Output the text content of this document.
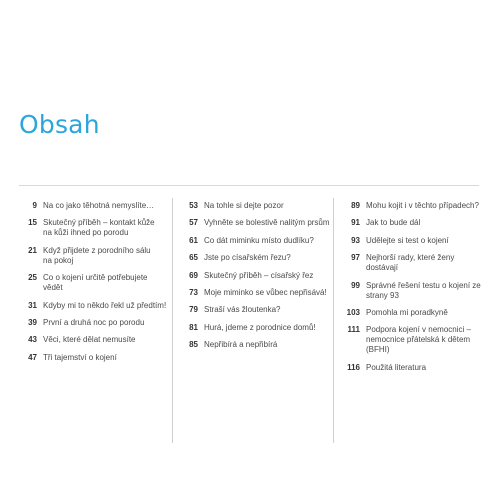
Obsah
9 Na co jako těhotná nemyslíte…
15 Skutečný příběh – kontakt kůže
na kůži ihned po porodu
21 Když přijdete z porodního sálu
na pokoj
25 Co o kojení určitě potřebujete
vědět
31 Kdyby mi to někdo řekl už předtím!
39 První a druhá noc po porodu
43 Věci, které dělat nemusíte
47 Tři tajemství o kojení
53 Na tohle si dejte pozor
57 Vyhněte se bolestivě nalitým prsům
61 Co dát miminku místo dudlíku?
65 Jste po císařském řezu?
69 Skutečný příběh – císařský řez
73 Moje miminko se vůbec nepřisává!
79 Straší vás žloutenka?
81 Hurá, jdeme z porodnice domů!
85 Nepřibírá a nepřibírá
89 Mohu kojit i v těchto případech?
91 Jak to bude dál
93 Udělejte si test o kojení
97 Nejhorší rady, které ženy dostávají
99 Správné řešení testu o kojení ze
strany 93
103 Pomohla mi poradkyně
111 Podpora kojení v nemocnici –
nemocnice přátelská k dětem (BFHI)
116 Použitá literatura
